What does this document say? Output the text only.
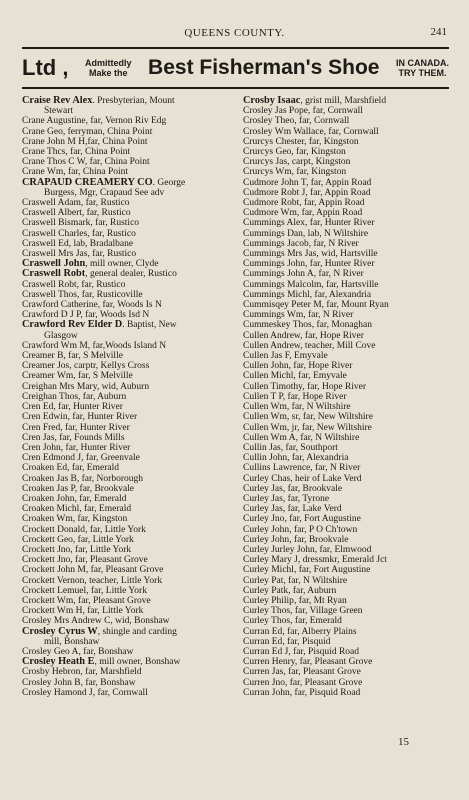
QUEENS COUNTY.	241
Ltd , Admittedly
Make the Best Fisherman's Shoe IN CANADA.
TRY THEM.
Craise Rev Alex. Presbyterian, Mount
Stewart
Crane Augustine, far, Vernon Riv Edg
Crane Geo, ferryman, China Point
Crane John M H,far, China Point
Crane Thcs, far, China Point
Crane Thos C W, far, China Point
Crane Wm, far, China Point
CRAPAUD CREAMERY CO. George
Burgess, Mgr, Crapaud See adv
Craswell Adam, far, Rustico
Craswell Albert, far, Rustico
Craswell Bismark, far, Rustico
Craswell Charles, far, Rustico
Craswell Ed, lab, Bradalbane
Craswell Mrs Jas, far, Rustico
Craswell John, mill owner, Clyde
Craswell Robt, general dealer, Rustico
Craswell Robt, far, Rustico
Craswell Thos, far, Rusticoville
Crawford Catherine, far, Woods Is N
Crawford D J P, far, Woods Isd N
Crawford Rev Elder D. Baptist, New
Glasgow
Crawford Wm M, far,Woods Island N
Creamer B, far, S Melville
Creamer Jos, carptr, Kellys Cross
Creamer Wm, far, S Melville
Creighan Mrs Mary, wid, Auburn
Creighan Thos, far, Auburn
Cren Ed, far, Hunter River
Cren Edwin, far, Hunter River
Cren Fred, far, Hunter River
Cren Jas, far, Founds Mills
Cren John, far, Hunter River
Cren Edmond J, far, Greenvale
Croaken Ed, far, Emerald
Croaken Jas B, far, Norborough
Croaken Jas P, far, Brookvale
Croaken John, far, Emerald
Croaken Michl, far, Emerald
Croaken Wm, far, Kingston
Crockett Donald, far, Little York
Crockett Geo, far, Little York
Crockett Jno, far, Little York
Crockett Jno, far, Pleasant Grove
Crockett John M, far, Pleasant Grove
Crockett Vernon, teacher, Little York
Crockett Lemuel, far, Little York
Crockett Wm, far, Pleasant Grove
Crockett Wm H, far, Little York
Crosley Mrs Andrew C, wid, Bonshaw
Crosley Cyrus W, shingle and carding
mill, Bonshaw
Crosley Geo A, far, Bonshaw
Crosley Heath E, mill owner, Bonshaw
Crosby Hebron, far, Marshfield
Crosley John B, far, Bonshaw
Crosley Hamond J, far, Cornwall
Crosby Isaac, grist mill, Marshfield
Crosley Jas Pope, far, Cornwall
Crosley Theo, far, Cornwall
Crosley Wm Wallace, far, Cornwall
Crurcys Chester, far, Kingston
Crurcys Geo, far, Kingston
Crurcys Jas, carpt, Kingston
Crurcys Wm, far, Kingston
Cudmore John T, far, Appin Road
Cudmore Robt J, far, Appin Road
Cudmore Robt, far, Appin Road
Cudmore Wm, far, Appin Road
Cummings Alex, far, Hunter River
Cummings Dan, lab, N Wiltshire
Cummings Jacob, far, N River
Cummings Mrs Jas, wid, Hartsville
Cummings John, far, Hunter River
Cummings John A, far, N River
Cummings Malcolm, far, Hartsville
Cummings Michl, far, Alexandria
Cummisqey Peter M, far, Mount Ryan
Cummings Wm, far, N River
Cummeskey Thos, far, Monaghan
Cullen Andrew, far, Hope River
Cullen Andrew, teacher, Mill Cove
Cullen Jas F, Emyvale
Cullen John, far, Hope River
Cullen Michl, far, Emyvale
Cullen Timothy, far, Hope River
Cullen T P, far, Hope River
Cullen Wm, far, N Wiltshire
Cullen Wm, sr, far, New Wiltshire
Cullen Wm, jr, far, New Wiltshire
Cullen Wm A, far, N Wiltshire
Cullin Jas, far, Southport
Cullin John, far, Alexandria
Cullins Lawrence, far, N River
Curley Chas, heir of Lake Verd
Curley Jas, far, Brookvale
Curley Jas, far, Tyrone
Curley Jas, far, Lake Verd
Curley Jno, far, Fort Augustine
Curley John, far, P O Ch'town
Curley John, far, Brookvale
Curley Jurley John, far, Elmwood
Curley Mary J, dressmkr, Emerald Jct
Curley Michl, far, Fort Augustine
Curley Pat, far, N Wiltshire
Curley Patk, far, Auburn
Curley Philip, far, Mt Ryan
Curley Thos, far, Village Green
Curley Thos, far, Emerald
Curran Ed, far, Alberry Plains
Curran Ed, far, Pisquid
Curran Ed J, far, Pisquid Road
Curren Henry, far, Pleasant Grove
Curren Jas, far, Pleasant Grove
Curren Jno, far, Pleasant Grove
Curran John, far, Pisquid Road
15
